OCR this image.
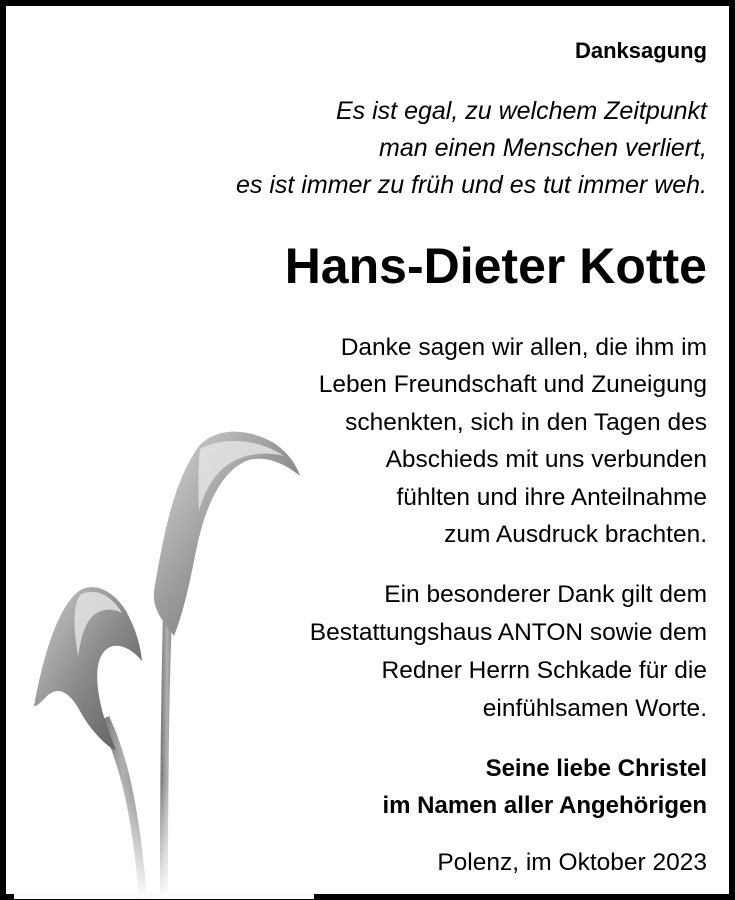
Danksagung
Es ist egal, zu welchem Zeitpunkt
man einen Menschen verliert,
es ist immer zu früh und es tut immer weh.
Hans-Dieter Kotte
Danke sagen wir allen, die ihm im
Leben Freundschaft und Zuneigung
schenkten, sich in den Tagen des
Abschieds mit uns verbunden
fühlten und ihre Anteilnahme
zum Ausdruck brachten.
Ein besonderer Dank gilt dem
Bestattungshaus ANTON sowie dem
Redner Herrn Schkade für die
einfühlsamen Worte.
Seine liebe Christel
im Namen aller Angehörigen
Polenz, im Oktober 2023
